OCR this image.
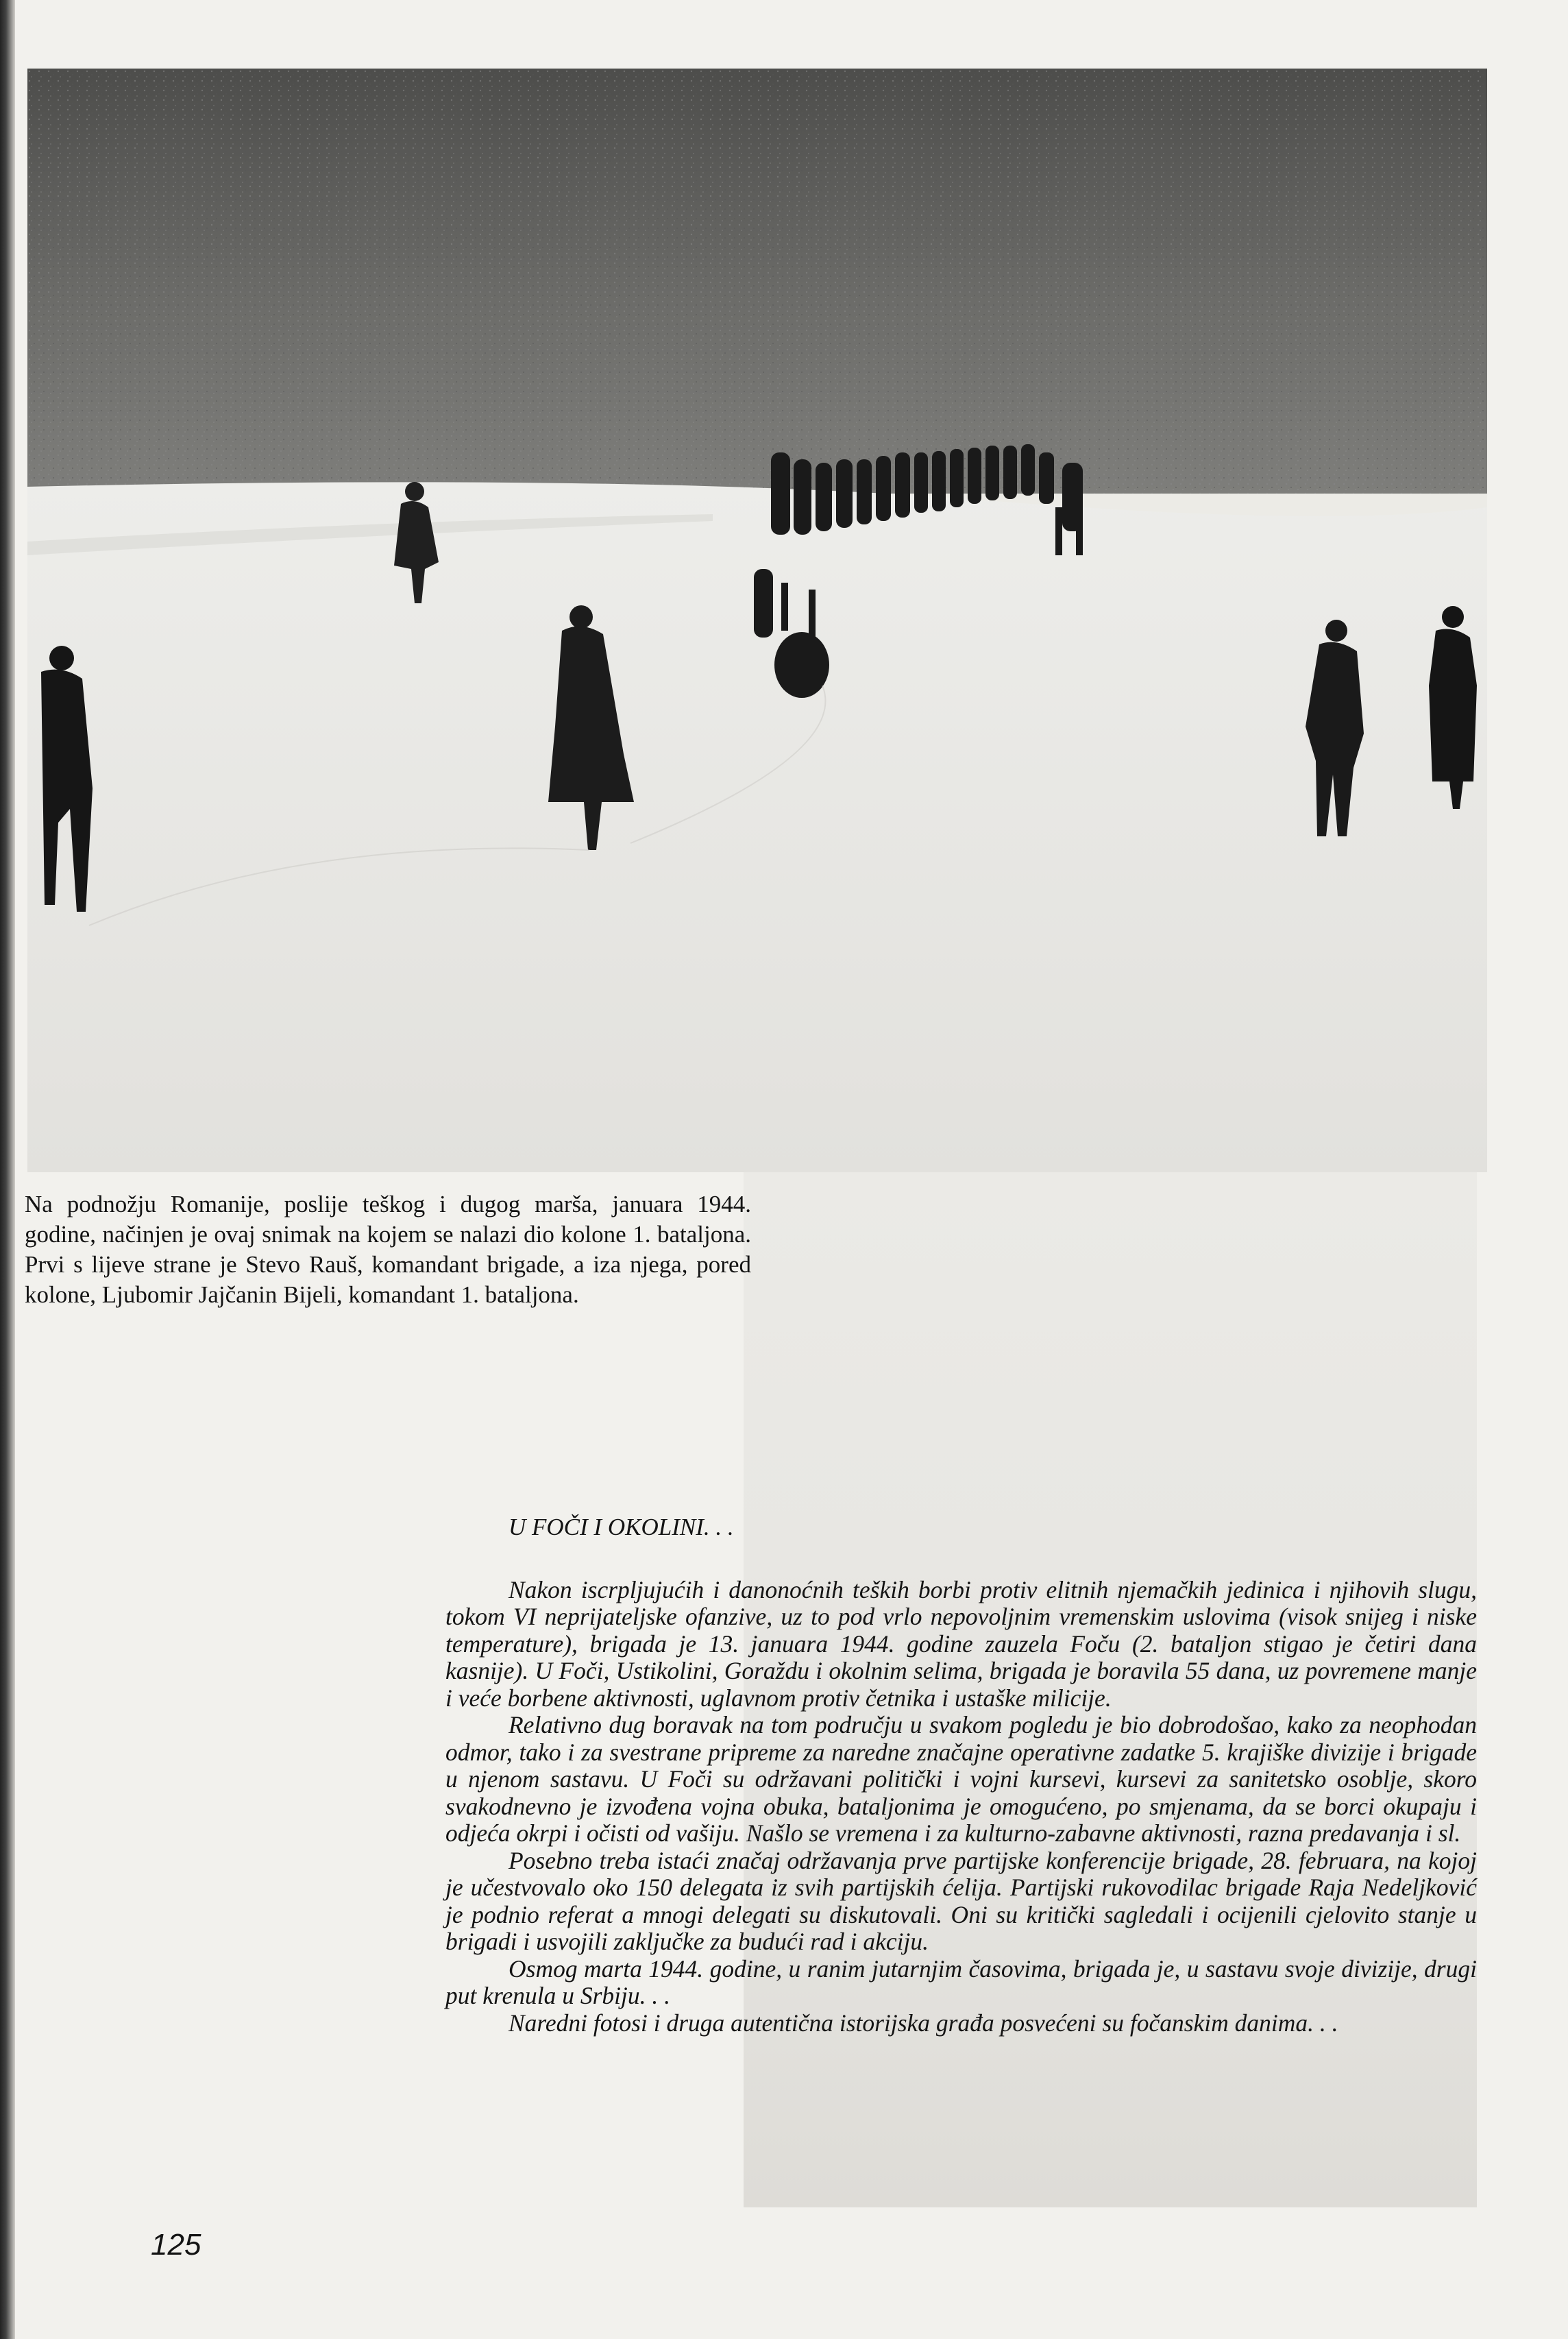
Na podnožju Romanije, poslije teškog i dugog marša, januara 1944. godine, načinjen je ovaj snimak na kojem se nalazi dio kolone 1. bataljona. Prvi s lijeve strane je Stevo Rauš, komandant brigade, a iza njega, pored kolone, Ljubomir Jajčanin Bijeli, komandant 1. bataljona.

U FOČI I OKOLINI. . .

Nakon iscrpljujućih i danonoćnih teških borbi protiv elitnih njemačkih jedinica i njihovih slugu, tokom VI neprijateljske ofanzive, uz to pod vrlo nepovoljnim vremenskim uslovima (visok snijeg i niske temperature), brigada je 13. januara 1944. godine zauzela Foču (2. bataljon stigao je četiri dana kasnije). U Foči, Ustikolini, Goraždu i okolnim selima, brigada je boravila 55 dana, uz povremene manje i veće borbene aktivnosti, uglavnom protiv četnika i ustaške milicije.

Relativno dug boravak na tom području u svakom pogledu je bio dobrodošao, kako za neophodan odmor, tako i za svestrane pripreme za naredne značajne operativne zadatke 5. krajiške divizije i brigade u njenom sastavu. U Foči su održavani politički i vojni kursevi, kursevi za sanitetsko osoblje, skoro svakodnevno je izvođena vojna obuka, bataljonima je omogućeno, po smjenama, da se borci okupaju i odjeća okrpi i očisti od vašiju. Našlo se vremena i za kulturno-zabavne aktivnosti, razna predavanja i sl.

Posebno treba istaći značaj održavanja prve partijske konferencije brigade, 28. februara, na kojoj je učestvovalo oko 150 delegata iz svih partijskih ćelija. Partijski rukovodilac brigade Raja Nedeljković je podnio referat a mnogi delegati su diskutovali. Oni su kritički sagledali i ocijenili cjelovito stanje u brigadi i usvojili zaključke za budući rad i akciju.

Osmog marta 1944. godine, u ranim jutarnjim časovima, brigada je, u sastavu svoje divizije, drugi put krenula u Srbiju. . .

Naredni fotosi i druga autentična istorijska građa posvećeni su fočanskim danima. . .

125
